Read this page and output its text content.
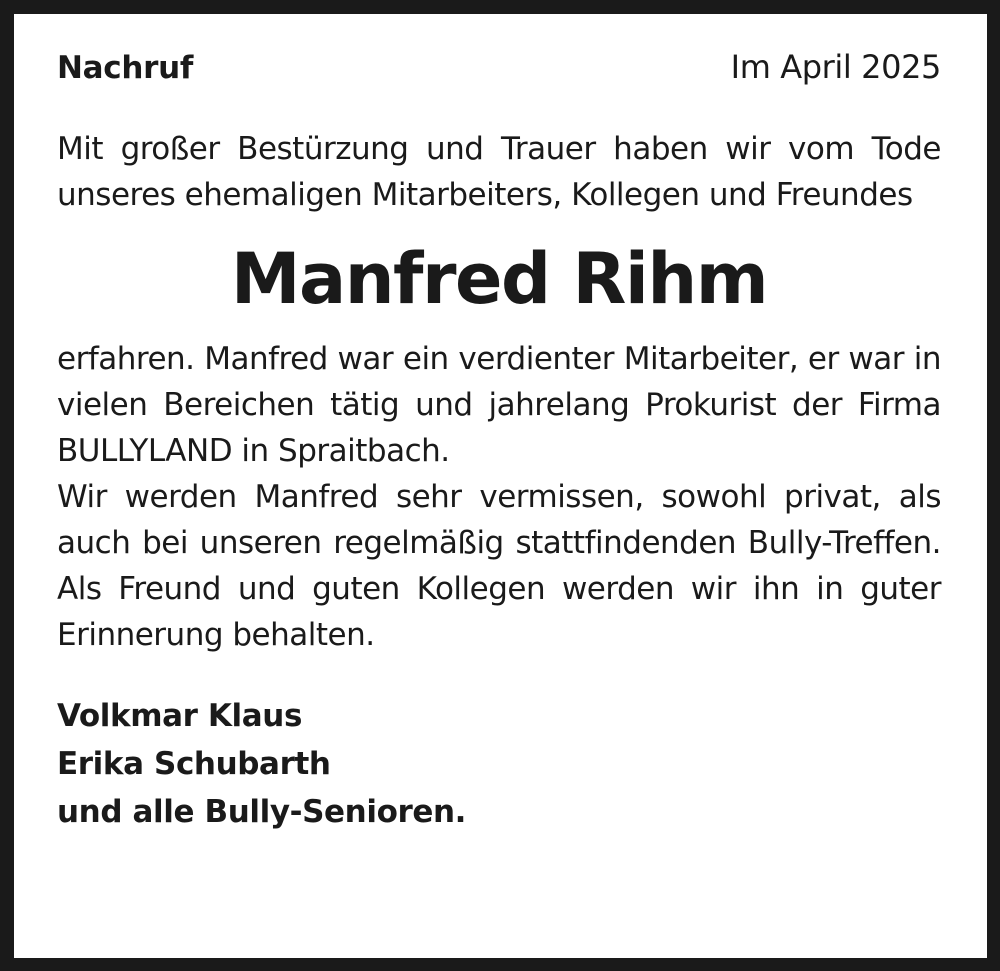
Nachruf	Im April 2025

Mit großer Bestürzung und Trauer haben wir vom Tode unseres ehemaligen Mitarbeiters, Kollegen und Freundes

Manfred Rihm

erfahren. Manfred war ein verdienter Mitarbeiter, er war in vielen Bereichen tätig und jahrelang Prokurist der Firma BULLYLAND in Spraitbach.

Wir werden Manfred sehr vermissen, sowohl privat, als auch bei unseren regelmäßig stattfindenden Bully-Treffen. Als Freund und guten Kollegen werden wir ihn in guter Erinnerung behalten.

Volkmar Klaus
Erika Schubarth
und alle Bully-Senioren.
